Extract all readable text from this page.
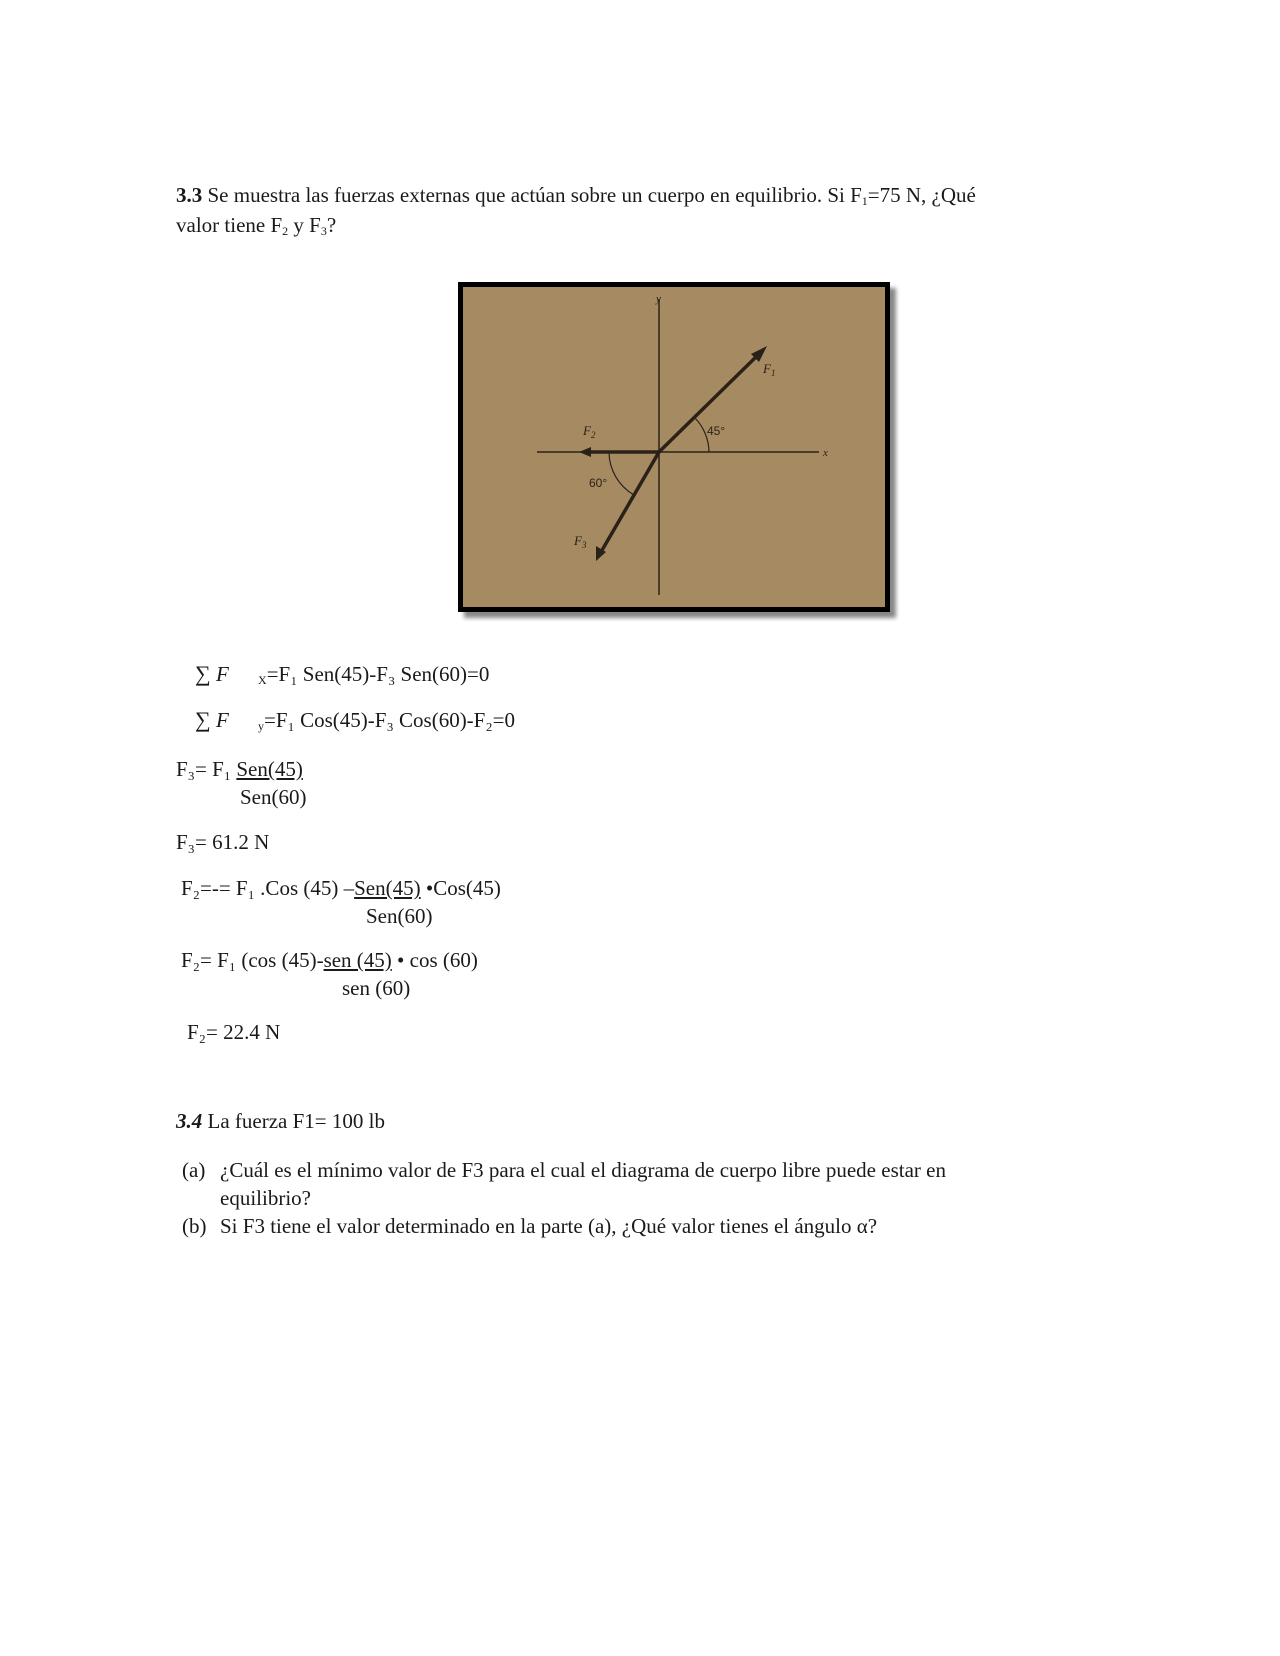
3.3 Se muestra las fuerzas externas que actúan sobre un cuerpo en equilibrio. Si $F_1=75$ N, ¿Qué
valor tiene $F_2$ y $F_3$?
y
x
$F_1$
$F_2$
$F_3$
45°
60°
∑ F $_X$=F₁ Sen(45)-F₃ Sen(60)=0
∑ F $_y$=F₁ Cos(45)-F₃ Cos(60)-F₂=0
F₃= F₁ Sen(45)
Sen(60)
F₃= 61.2 N
F₂=-= F₁ .Cos (45) –Sen(45) •Cos(45)
Sen(60)
F₂= F₁ (cos (45)-sen (45) • cos (60)
sen (60)
F₂= 22.4 N
3.4 La fuerza F1= 100 lb
(a) ¿Cuál es el mínimo valor de F3 para el cual el diagrama de cuerpo libre puede estar en
equilibrio?
(b) Si F3 tiene el valor determinado en la parte (a), ¿Qué valor tienes el ángulo α?
